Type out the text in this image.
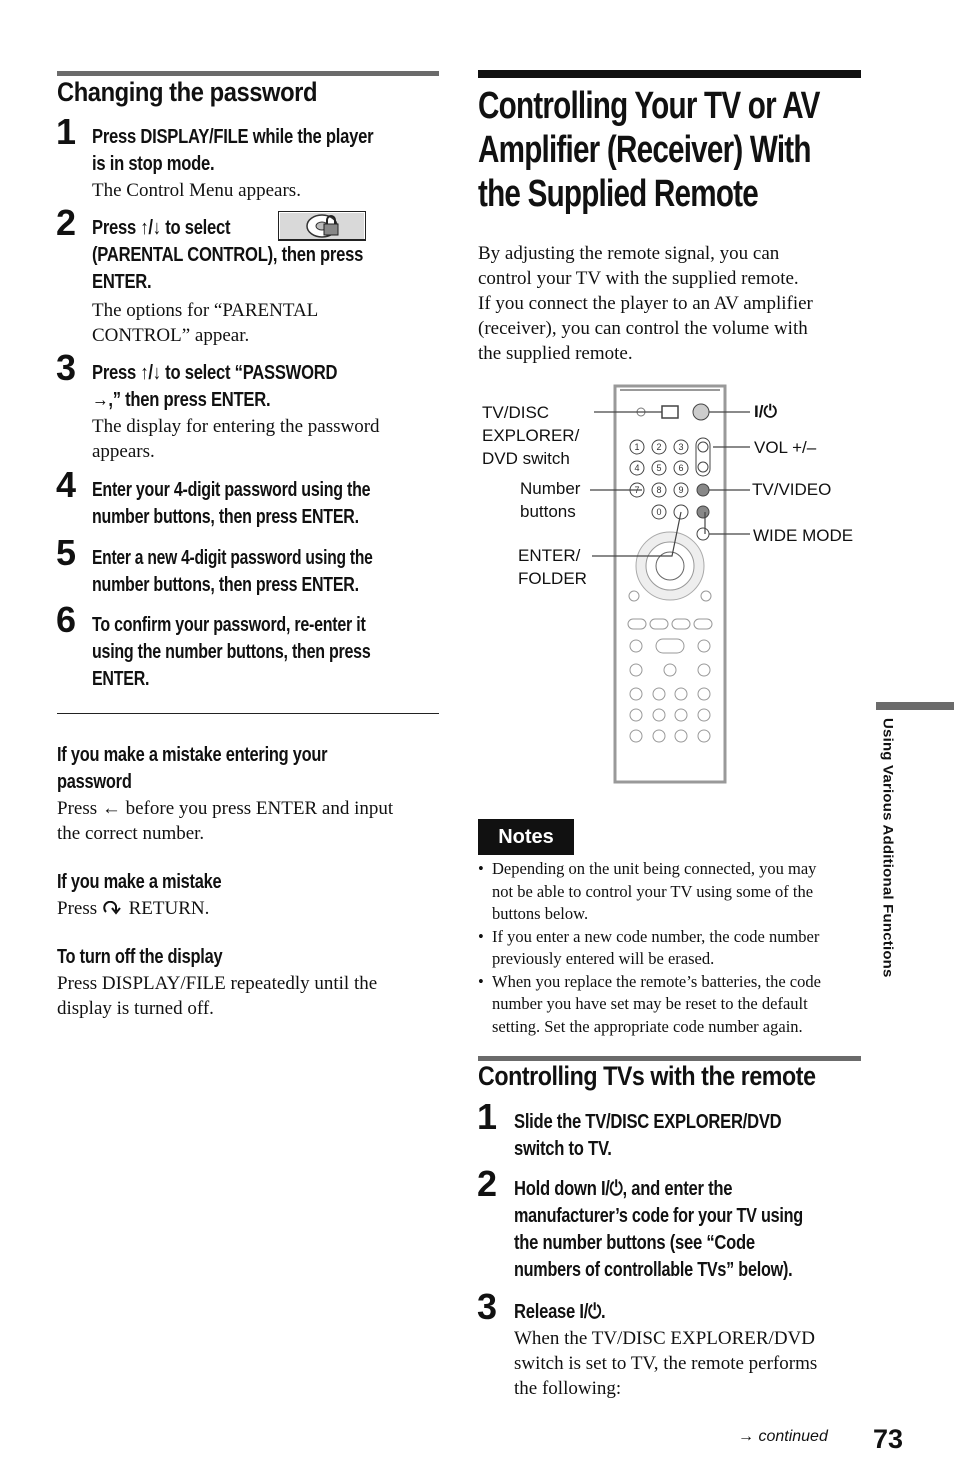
Changing the password
1 Press DISPLAY/FILE while the player
is in stop mode.
The Control Menu appears.
2 Press ↑/↓ to select
(PARENTAL CONTROL), then press
ENTER.
The options for “PARENTAL
CONTROL” appear.
3 Press ↑/↓ to select “PASSWORD
→,” then press ENTER.
The display for entering the password
appears.
4 Enter your 4-digit password using the
number buttons, then press ENTER.
5 Enter a new 4-digit password using the
number buttons, then press ENTER.
6 To confirm your password, re-enter it
using the number buttons, then press
ENTER.
If you make a mistake entering your
password
Press ← before you press ENTER and input
the correct number.
If you make a mistake
Press  RETURN.
To turn off the display
Press DISPLAY/FILE repeatedly until the
display is turned off.
Controlling Your TV or AV
Amplifier (Receiver) With
the Supplied Remote
By adjusting the remote signal, you can
control your TV with the supplied remote.
If you connect the player to an AV amplifier
(receiver), you can control the volume with
the supplied remote.
1 2 3
4 5 6
7 8 9
0
TV/DISC
EXPLORER/
DVD switch
Number
buttons
ENTER/
FOLDER
I/⏻
VOL +/–
TV/VIDEO
WIDE MODE
Notes
• Depending on the unit being connected, you may
not be able to control your TV using some of the
buttons below.
• If you enter a new code number, the code number
previously entered will be erased.
• When you replace the remote’s batteries, the code
number you have set may be reset to the default
setting. Set the appropriate code number again.
Controlling TVs with the remote
1 Slide the TV/DISC EXPLORER/DVD
switch to TV.
2 Hold down I/⏻, and enter the
manufacturer’s code for your TV using
the number buttons (see “Code
numbers of controllable TVs” below).
3 Release I/⏻.
When the TV/DISC EXPLORER/DVD
switch is set to TV, the remote performs
the following:
Using Various Additional Functions
→ continued 73
